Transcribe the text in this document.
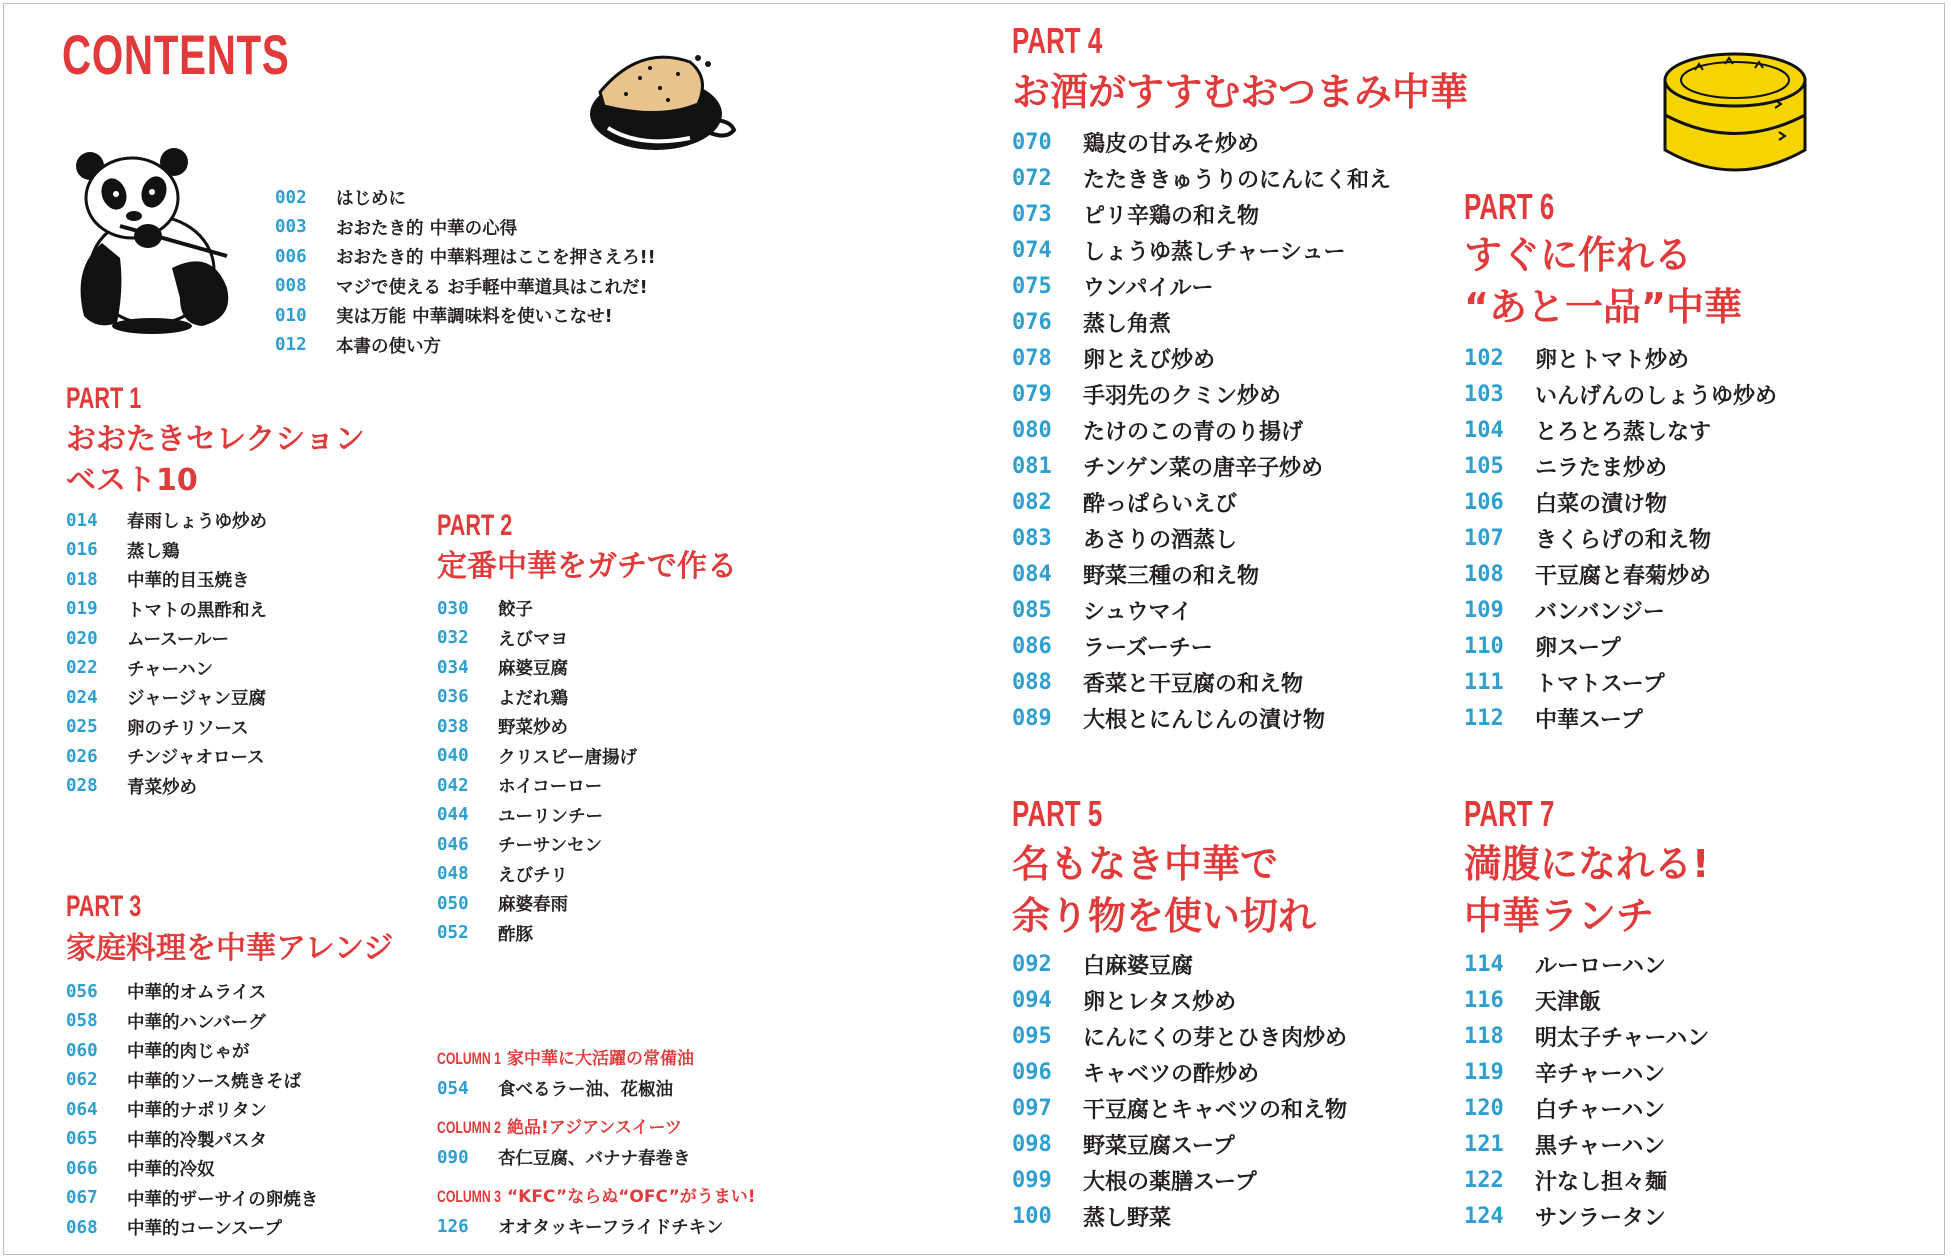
CONTENTS
002	はじめに
003	おおたき的 中華の心得
006	おおたき的 中華料理はここを押さえろ!!
008	マジで使える お手軽中華道具はこれだ!
010	実は万能 中華調味料を使いこなせ!
012	本書の使い方
PART 1
おおたきセレクション
ベスト10
014	春雨しょうゆ炒め
016	蒸し鶏
018	中華的目玉焼き
019	トマトの黒酢和え
020	ムースールー
022	チャーハン
024	ジャージャン豆腐
025	卵のチリソース
026	チンジャオロース
028	青菜炒め
PART 2
定番中華をガチで作る
030	餃子
032	えびマヨ
034	麻婆豆腐
036	よだれ鶏
038	野菜炒め
040	クリスピー唐揚げ
042	ホイコーロー
044	ユーリンチー
046	チーサンセン
048	えびチリ
050	麻婆春雨
052	酢豚
PART 3
家庭料理を中華アレンジ
056	中華的オムライス
058	中華的ハンバーグ
060	中華的肉じゃが
062	中華的ソース焼きそば
064	中華的ナポリタン
065	中華的冷製パスタ
066	中華的冷奴
067	中華的ザーサイの卵焼き
068	中華的コーンスープ
COLUMN 1 家中華に大活躍の常備油
054	食べるラー油、花椒油
COLUMN 2 絶品!アジアンスイーツ
090	杏仁豆腐、バナナ春巻き
COLUMN 3 “KFC”ならぬ“OFC”がうまい!
126	オオタッキーフライドチキン
PART 4
お酒がすすむおつまみ中華
070	鶏皮の甘みそ炒め
072	たたききゅうりのにんにく和え
073	ピリ辛鶏の和え物
074	しょうゆ蒸しチャーシュー
075	ウンパイルー
076	蒸し角煮
078	卵とえび炒め
079	手羽先のクミン炒め
080	たけのこの青のり揚げ
081	チンゲン菜の唐辛子炒め
082	酔っぱらいえび
083	あさりの酒蒸し
084	野菜三種の和え物
085	シュウマイ
086	ラーズーチー
088	香菜と干豆腐の和え物
089	大根とにんじんの漬け物
PART 5
名もなき中華で
余り物を使い切れ
092	白麻婆豆腐
094	卵とレタス炒め
095	にんにくの芽とひき肉炒め
096	キャベツの酢炒め
097	干豆腐とキャベツの和え物
098	野菜豆腐スープ
099	大根の薬膳スープ
100	蒸し野菜
PART 6
すぐに作れる
“あと一品”中華
102	卵とトマト炒め
103	いんげんのしょうゆ炒め
104	とろとろ蒸しなす
105	ニラたま炒め
106	白菜の漬け物
107	きくらげの和え物
108	干豆腐と春菊炒め
109	バンバンジー
110	卵スープ
111	トマトスープ
112	中華スープ
PART 7
満腹になれる!
中華ランチ
114	ルーローハン
116	天津飯
118	明太子チャーハン
119	辛チャーハン
120	白チャーハン
121	黒チャーハン
122	汁なし担々麺
124	サンラータン
